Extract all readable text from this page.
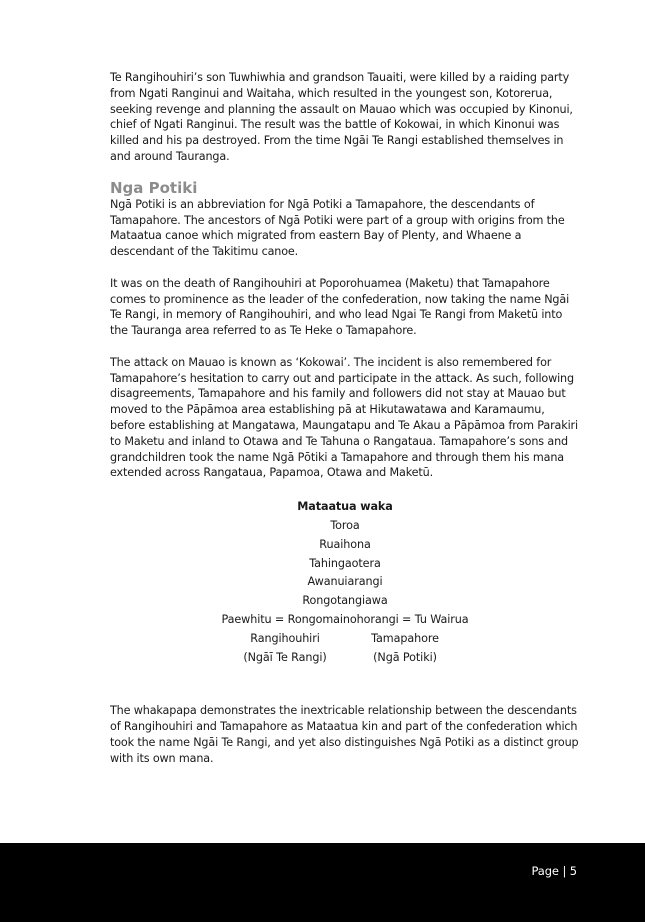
Te Rangihouhiri’s son Tuwhiwhia and grandson Tauaiti, were killed by a raiding party from Ngati Ranginui and Waitaha, which resulted in the youngest son, Kotorerua, seeking revenge and planning the assault on Mauao which was occupied by Kinonui, chief of Ngati Ranginui. The result was the battle of Kokowai, in which Kinonui was killed and his pa destroyed. From the time Ngāi Te Rangi established themselves in and around Tauranga.

Nga Potiki

Ngā Potiki is an abbreviation for Ngā Potiki a Tamapahore, the descendants of Tamapahore. The ancestors of Ngā Potiki were part of a group with origins from the Mataatua canoe which migrated from eastern Bay of Plenty, and Whaene a descendant of the Takitimu canoe.

It was on the death of Rangihouhiri at Poporohuamea (Maketu) that Tamapahore comes to prominence as the leader of the confederation, now taking the name Ngāi Te Rangi, in memory of Rangihouhiri, and who lead Ngai Te Rangi from Maketū into the Tauranga area referred to as Te Heke o Tamapahore.

The attack on Mauao is known as ‘Kokowai’. The incident is also remembered for Tamapahore’s hesitation to carry out and participate in the attack. As such, following disagreements, Tamapahore and his family and followers did not stay at Mauao but moved to the Pāpāmoa area establishing pā at Hikutawatawa and Karamaumu, before establishing at Mangatawa, Maungatapu and Te Akau a Pāpāmoa from Parakiri to Maketu and inland to Otawa and Te Tahuna o Rangataua. Tamapahore’s sons and grandchildren took the name Ngā Pōtiki a Tamapahore and through them his mana extended across Rangataua, Papamoa, Otawa and Maketū.

Mataatua waka
Toroa
Ruaihona
Tahingaotera
Awanuiarangi
Rongotangiawa
Paewhitu = Rongomainohorangi = Tu Wairua
Rangihouhiri	Tamapahore
(Ngāī Te Rangi)	(Ngā Potiki)

The whakapapa demonstrates the inextricable relationship between the descendants of Rangihouhiri and Tamapahore as Mataatua kin and part of the confederation which took the name Ngāi Te Rangi, and yet also distinguishes Ngā Potiki as a distinct group with its own mana.

Page | 5
